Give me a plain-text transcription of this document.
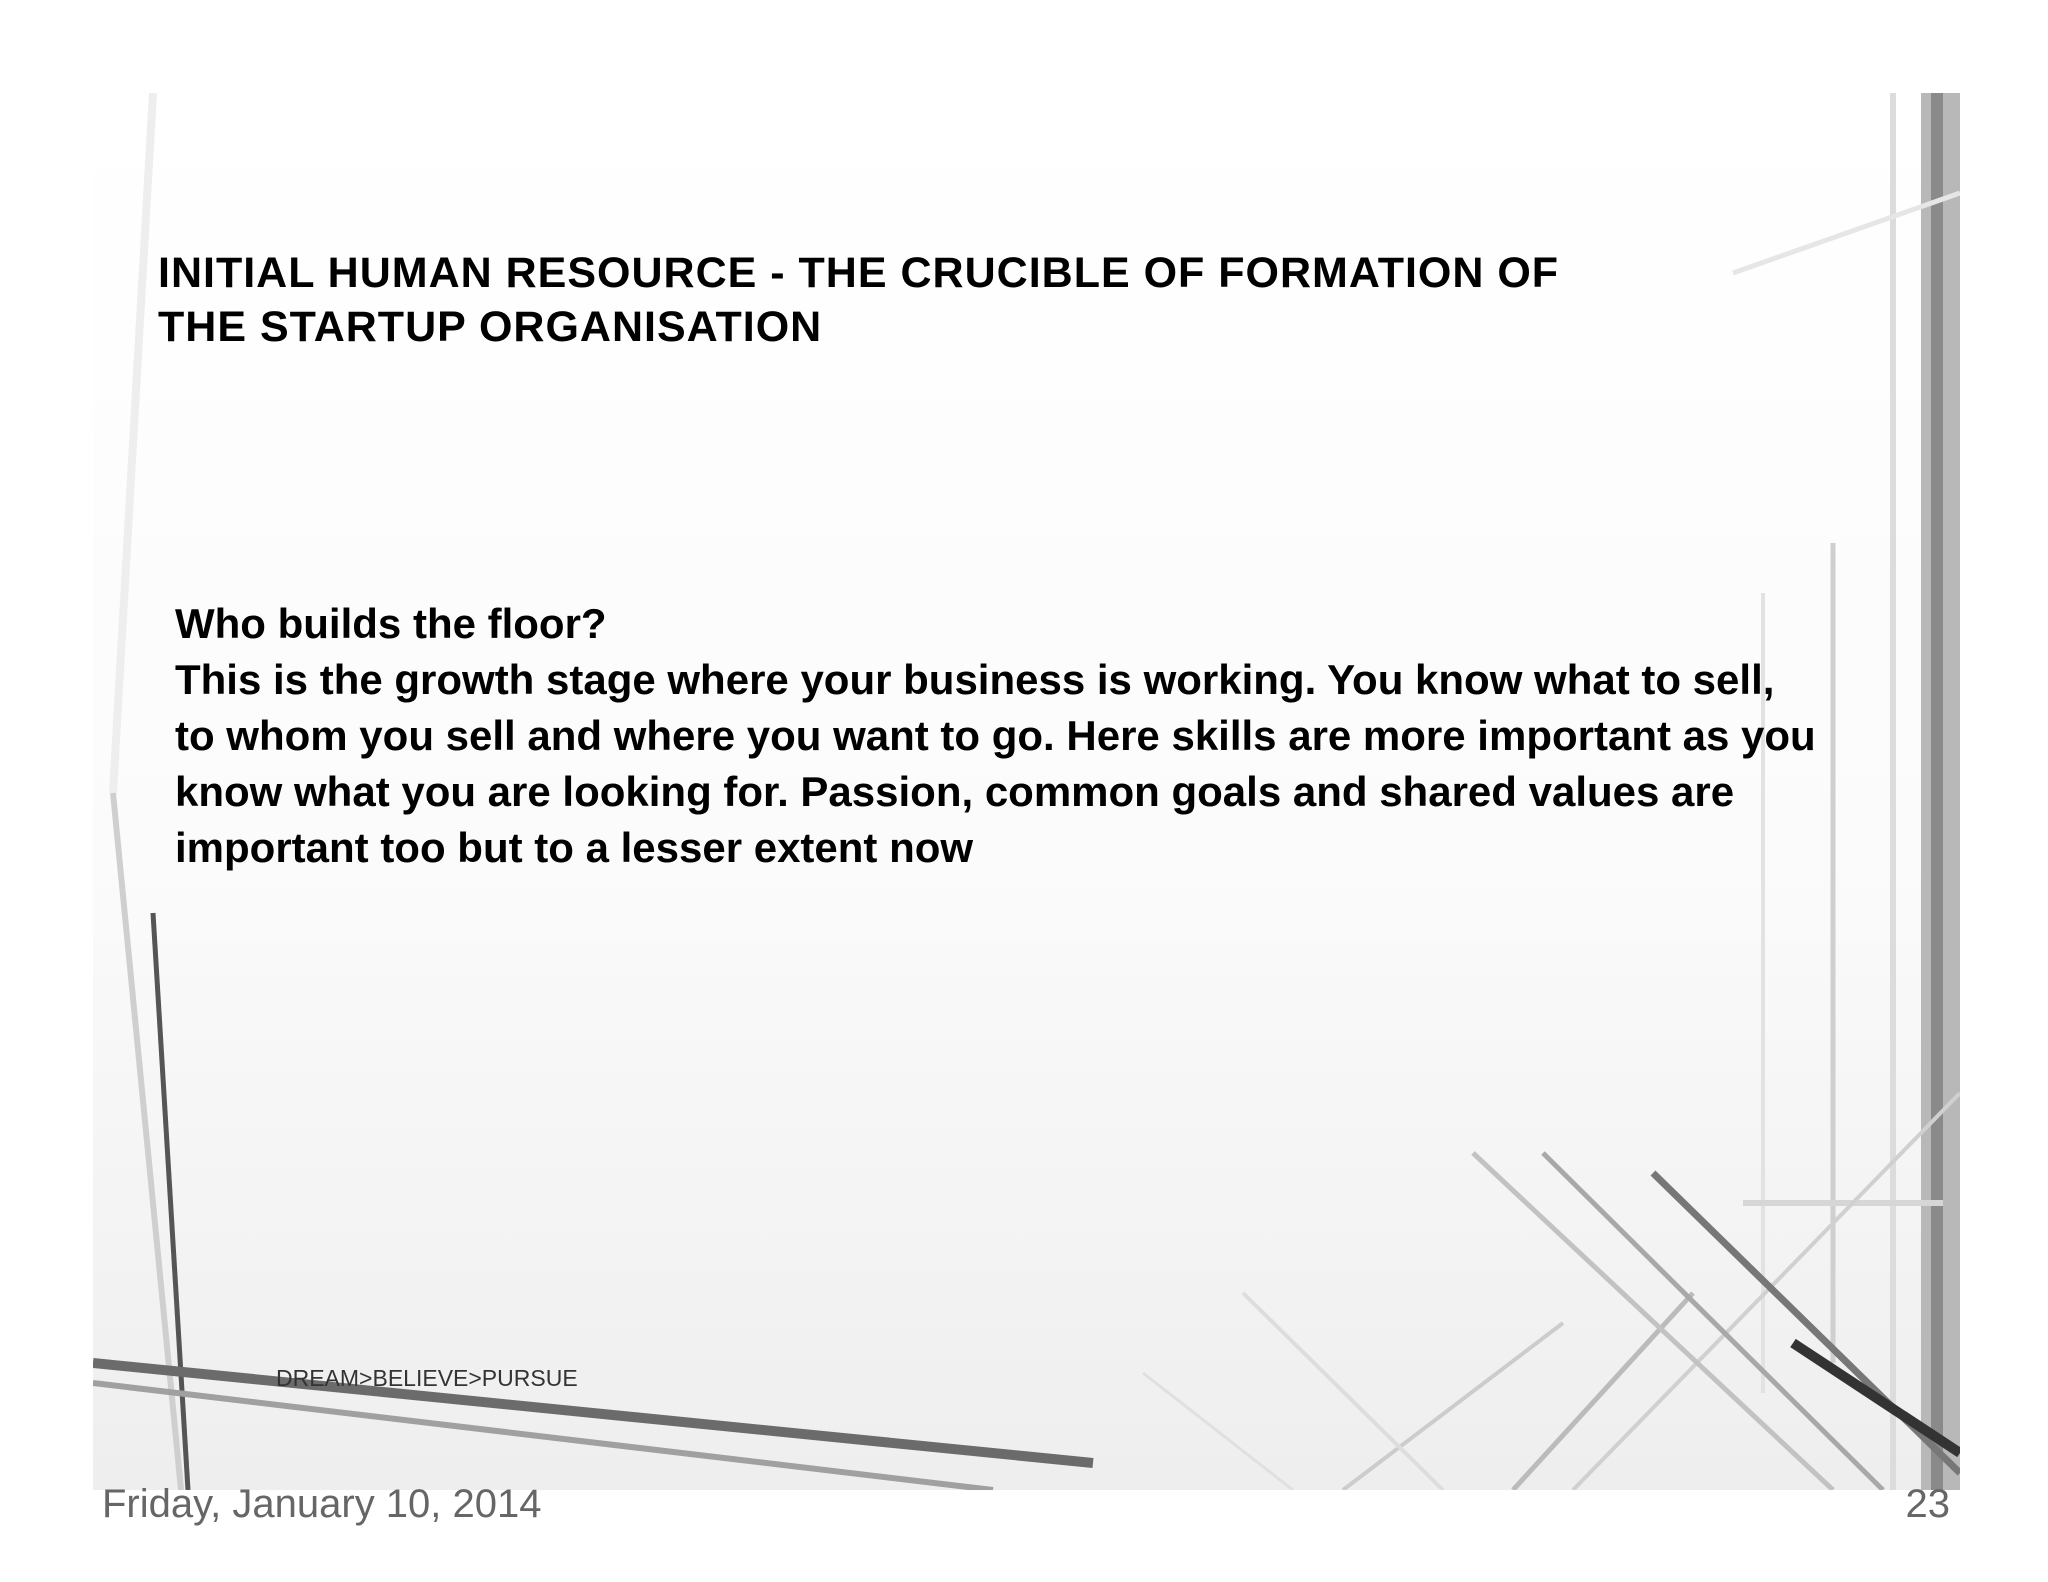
INITIAL HUMAN RESOURCE - THE CRUCIBLE OF FORMATION OF
THE STARTUP ORGANISATION

Who builds the floor?

This is the growth stage where your business is working. You know what to sell, to whom you sell and where you want to go. Here skills are more important as you know what you are looking for. Passion, common goals and shared values are important too but to a lesser extent now

DREAM>BELIEVE>PURSUE
Friday, January 10, 2014	23
